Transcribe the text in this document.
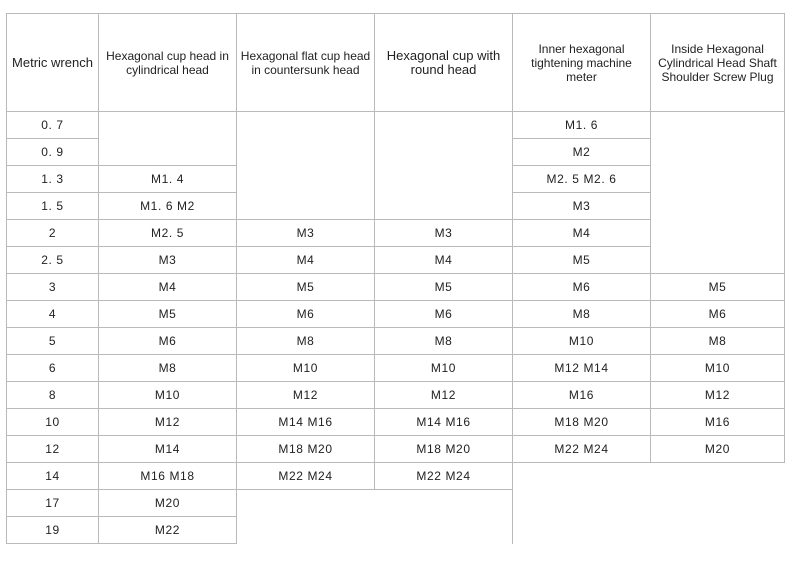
Metric wrench	Hexagonal cup head in cylindrical head	Hexagonal flat cup head in countersunk head	Hexagonal cup with round head	Inner hexagonal tightening machine meter	Inside Hexagonal Cylindrical Head Shaft Shoulder Screw Plug
0. 7				M1. 6	
0. 9				M2	
1. 3	M1. 4			M2. 5 M2. 6	
1. 5	M1. 6 M2			M3	
2	M2. 5	M3	M3	M4	
2. 5	M3	M4	M4	M5	
3	M4	M5	M5	M6	M5
4	M5	M6	M6	M8	M6
5	M6	M8	M8	M10	M8
6	M8	M10	M10	M12 M14	M10
8	M10	M12	M12	M16	M12
10	M12	M14 M16	M14 M16	M18 M20	M16
12	M14	M18 M20	M18 M20	M22 M24	M20
14	M16 M18	M22 M24	M22 M24		
17	M20				
19	M22				
